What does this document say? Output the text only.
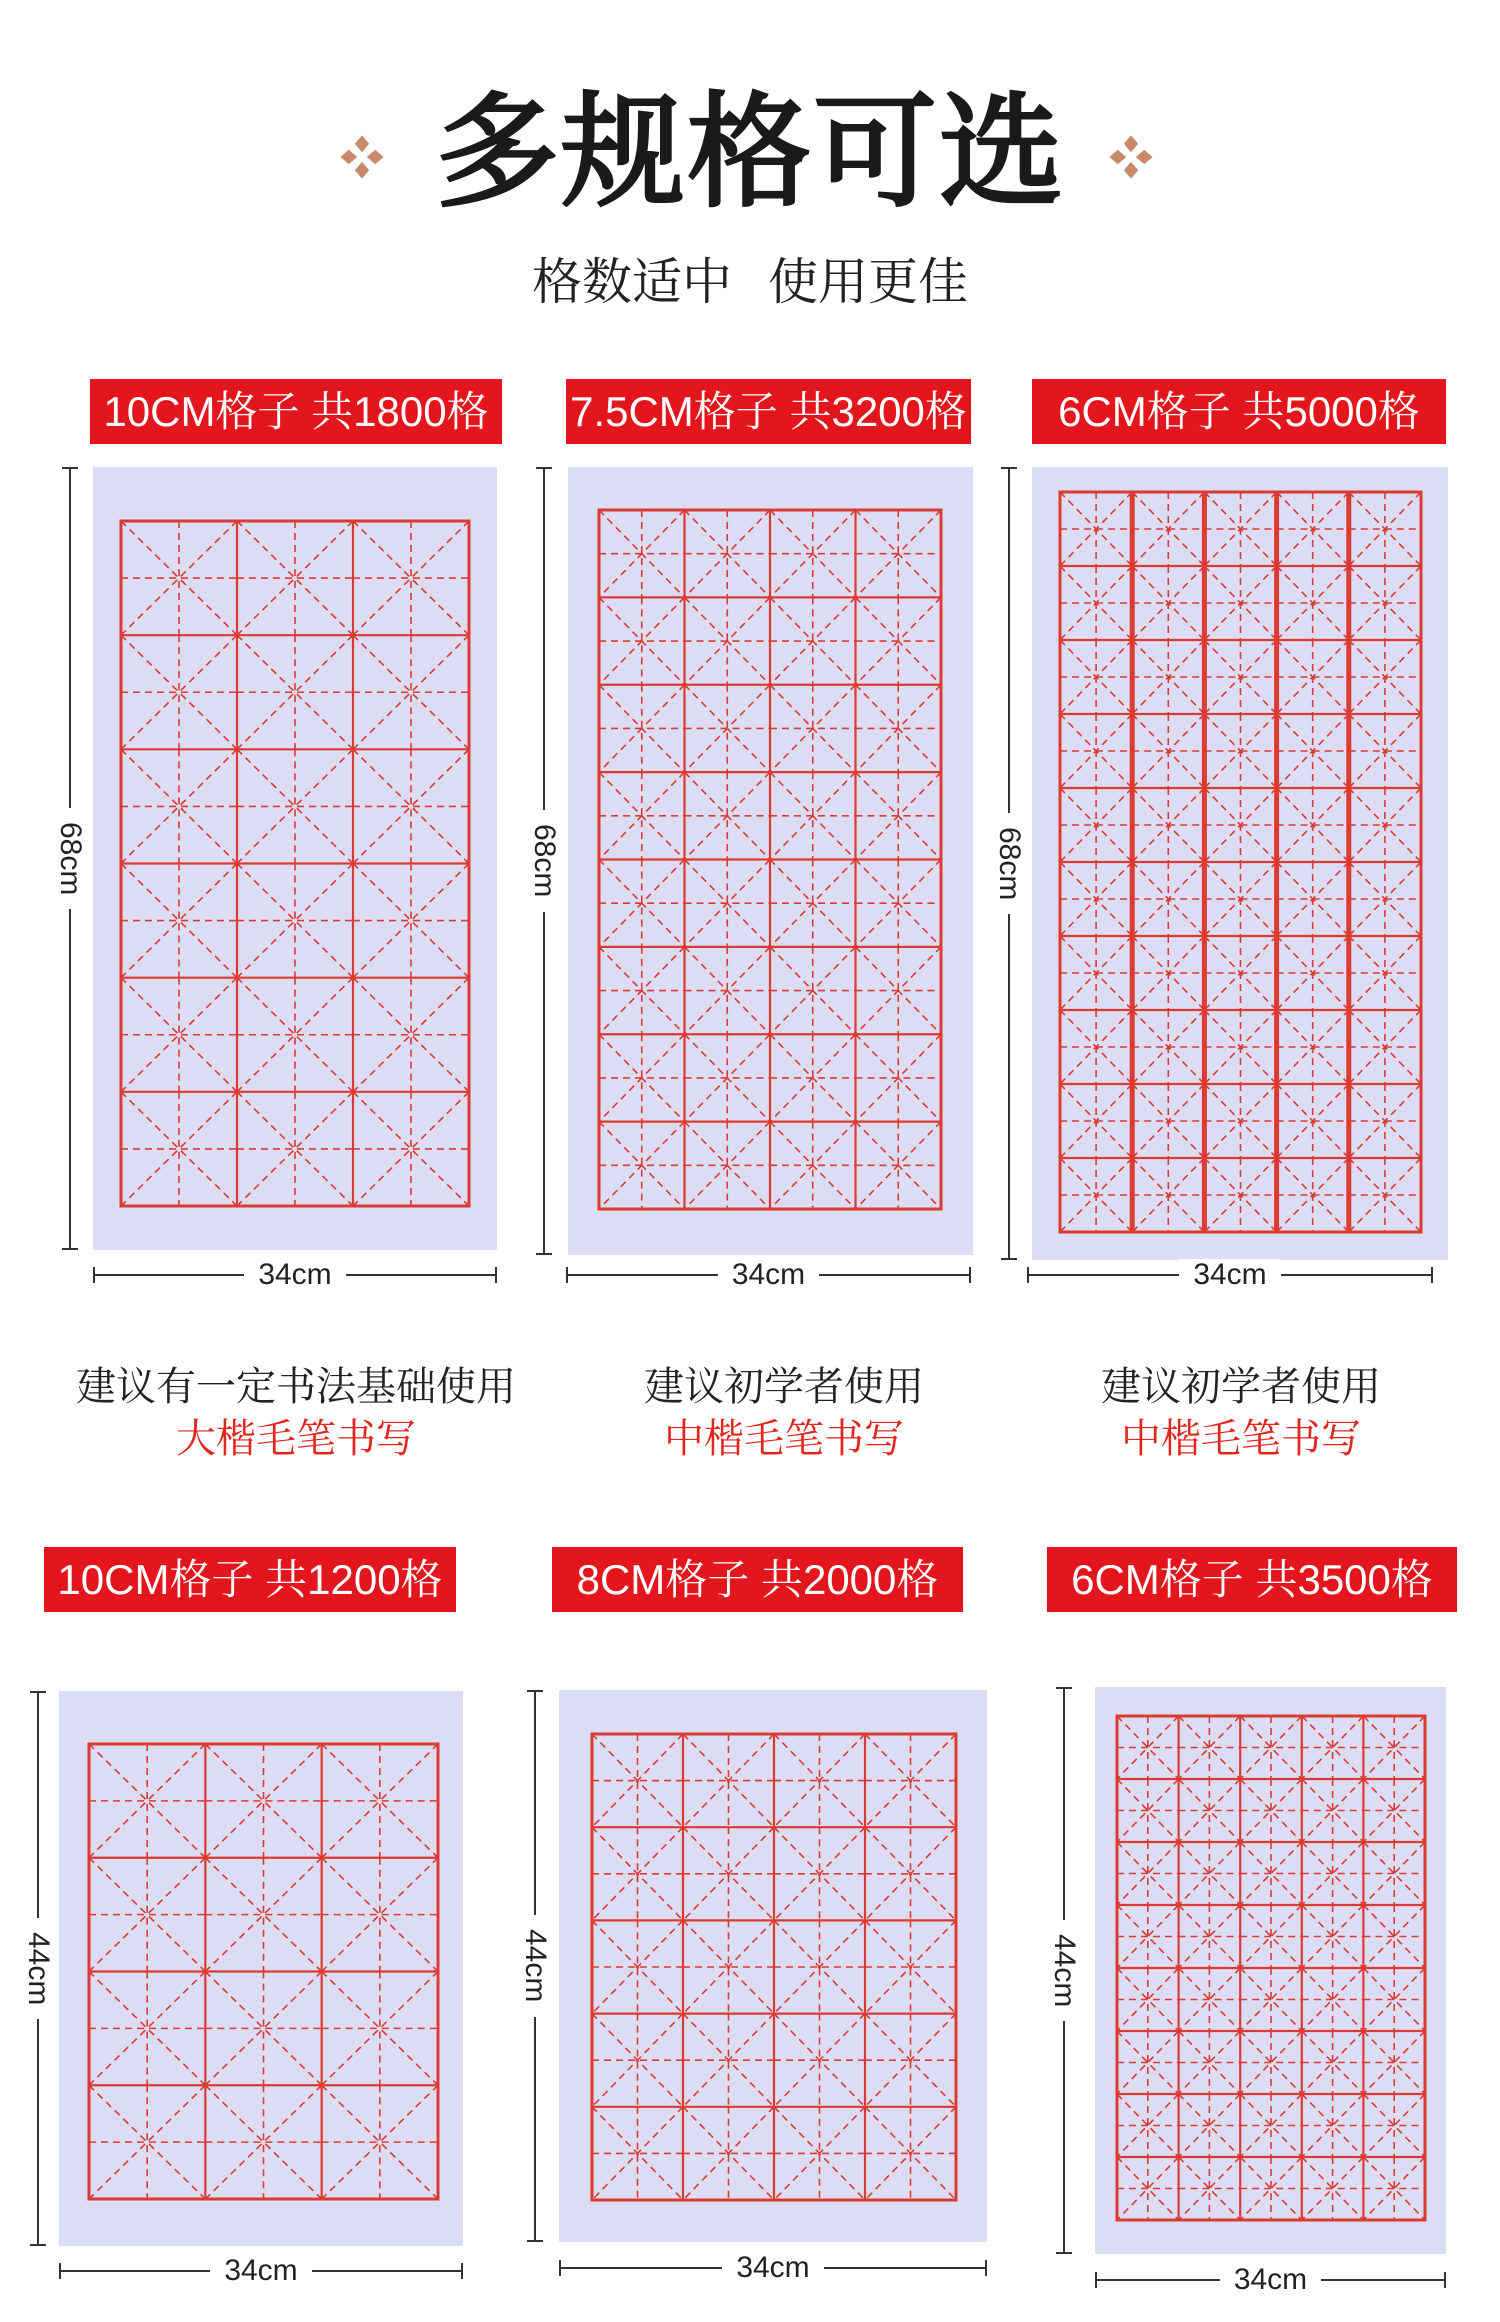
多规格可选
格数适中 使用更佳
10CM格子 共1800格	7.5CM格子 共3200格	6CM格子 共5000格
建议有一定书法基础使用
大楷毛笔书写
建议初学者使用
中楷毛笔书写
建议初学者使用
中楷毛笔书写
10CM格子 共1200格	8CM格子 共2000格	6CM格子 共3500格
68cm
34cm
68cm
34cm
68cm
34cm
44cm
34cm
44cm
34cm
44cm
34cm
